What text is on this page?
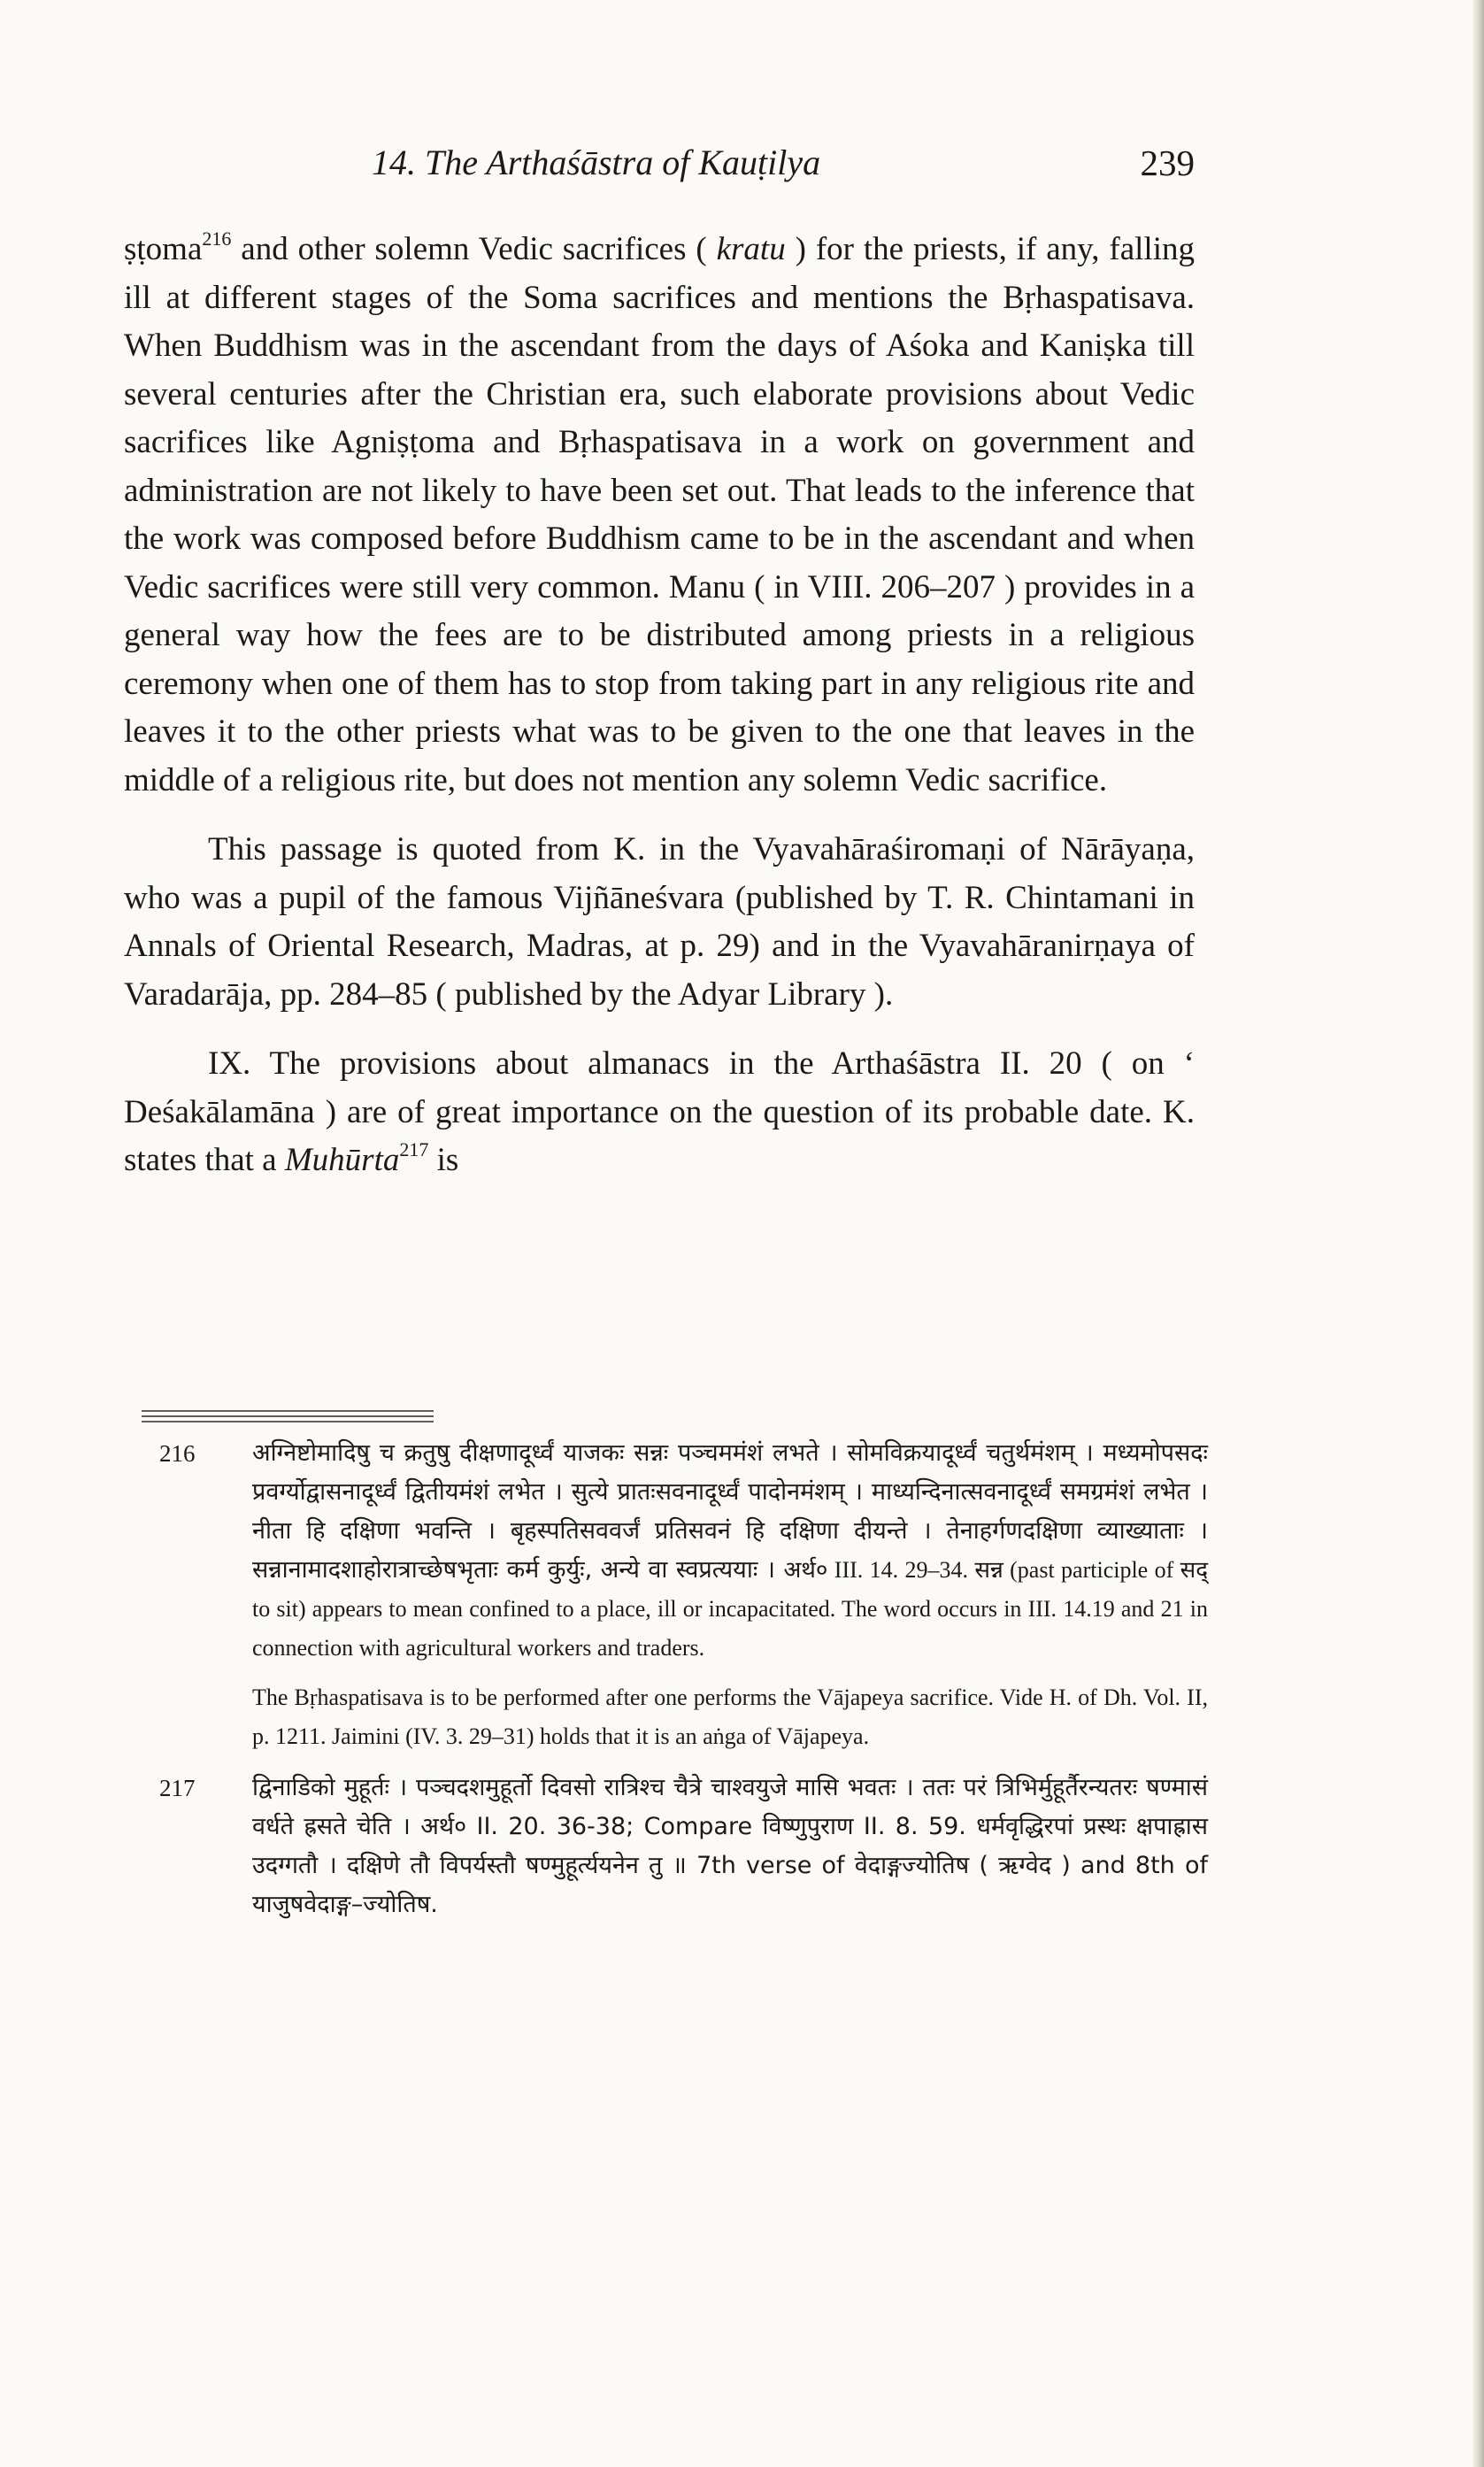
14. The Arthaśāstra of Kauṭilya	239

ṣṭoma$^{216}$ and other solemn Vedic sacrifices ( kratu ) for the priests, if any, falling ill at different stages of the Soma sacrifices and mentions the Bṛhaspatisava. When Buddhism was in the ascendant from the days of Aśoka and Kaniṣka till several centuries after the Christian era, such elaborate provisions about Vedic sacrifices like Agniṣṭoma and Bṛhaspatisava in a work on government and administration are not likely to have been set out. That leads to the inference that the work was composed before Buddhism came to be in the ascendant and when Vedic sacrifices were still very common. Manu ( in VIII. 206–207 ) provides in a general way how the fees are to be distributed among priests in a religious ceremony when one of them has to stop from taking part in any religious rite and leaves it to the other priests what was to be given to the one that leaves in the middle of a religious rite, but does not mention any solemn Vedic sacrifice.

This passage is quoted from K. in the Vyavahāraśiromaṇi of Nārāyaṇa, who was a pupil of the famous Vijñāneśvara (published by T. R. Chintamani in Annals of Oriental Research, Madras, at p. 29) and in the Vyavahāranirṇaya of Varadarāja, pp. 284–85 ( published by the Adyar Library ).

IX. The provisions about almanacs in the Arthaśāstra II. 20 ( on ‘ Deśakālamāna ) are of great importance on the question of its probable date. K. states that a Muhūrta$^{217}$ is

216 अग्निष्टोमादिषु च क्रतुषु दीक्षणादूर्ध्वं याजकः सन्नः पञ्चममंशं लभते । सोमविक्रयादूर्ध्वं चतुर्थमंशम् । मध्यमोपसदः प्रवर्ग्योद्वासनादूर्ध्वं द्वितीयमंशं लभेत । सुत्ये प्रातःसवनादूर्ध्वं पादोनमंशम् । माध्यन्दिनात्सवनादूर्ध्वं समग्रमंशं लभेत । नीता हि दक्षिणा भवन्ति । बृहस्पतिसववर्जं प्रतिसवनं हि दक्षिणा दीयन्ते । तेनाहर्गणदक्षिणा व्याख्याताः । सन्नानामादशाहोरात्राच्छेषभृताः कर्म कुर्युः, अन्ये वा स्वप्रत्ययाः । अर्थ० III. 14. 29–34. सन्न (past participle of सद् to sit) appears to mean confined to a place, ill or incapacitated. The word occurs in III. 14.19 and 21 in connection with agricultural workers and traders.

The Bṛhaspatisava is to be performed after one performs the Vājapeya sacrifice. Vide H. of Dh. Vol. II, p. 1211. Jaimini (IV. 3. 29–31) holds that it is an aṅga of Vājapeya.

217 द्विनाडिको मुहूर्तः । पञ्चदशमुहूर्तो दिवसो रात्रिश्च चैत्रे चाश्वयुजे मासि भवतः । ततः परं त्रिभिर्मुहूर्तैरन्यतरः षण्मासं वर्धते ह्रसते चेति । अर्थ० II. 20. 36-38; Compare विष्णुपुराण II. 8. 59. धर्मवृद्धिरपां प्रस्थः क्षपाह्रास उदग्गतौ । दक्षिणे तौ विपर्यस्तौ षण्मुहूर्त्ययनेन तु ॥ 7th verse of वेदाङ्गज्योतिष ( ऋग्वेद ) and 8th of याजुषवेदाङ्ग–ज्योतिष.
